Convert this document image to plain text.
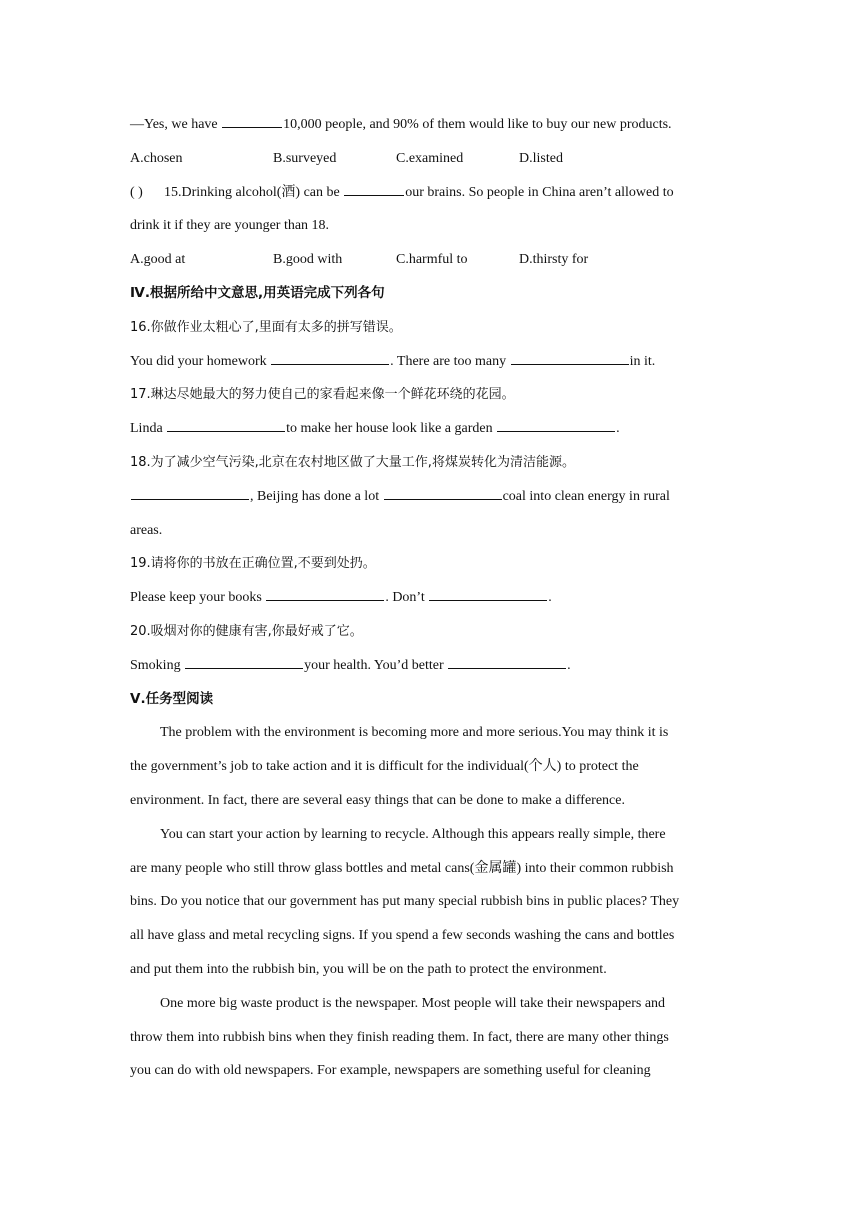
—Yes, we have	10,000 people, and 90% of them would like to buy our new products.
A.chosen	B.surveyed	C.examined	D.listed
( ) 15.Drinking alcohol(酒) can be	our brains. So people in China aren’t allowed to
drink it if they are younger than 18.
A.good at	B.good with	C.harmful to	D.thirsty for
Ⅳ.根据所给中文意思,用英语完成下列各句
16.你做作业太粗心了,里面有太多的拼写错误。
You did your homework	. There are too many	in it.
17.琳达尽她最大的努力使自己的家看起来像一个鲜花环绕的花园。
Linda	to make her house look like a garden	.
18.为了减少空气污染,北京在农村地区做了大量工作,将煤炭转化为清洁能源。
, Beijing has done a lot	coal into clean energy in rural
areas.
19.请将你的书放在正确位置,不要到处扔。
Please keep your books	. Don’t	.
20.吸烟对你的健康有害,你最好戒了它。
Smoking	your health. You’d better	.
Ⅴ.任务型阅读
The problem with the environment is becoming more and more serious.You may think it is
the government’s job to take action and it is difficult for the individual(个人) to protect the
environment. In fact, there are several easy things that can be done to make a difference.
You can start your action by learning to recycle. Although this appears really simple, there
are many people who still throw glass bottles and metal cans(金属罐) into their common rubbish
bins. Do you notice that our government has put many special rubbish bins in public places? They
all have glass and metal recycling signs. If you spend a few seconds washing the cans and bottles
and put them into the rubbish bin, you will be on the path to protect the environment.
One more big waste product is the newspaper. Most people will take their newspapers and
throw them into rubbish bins when they finish reading them. In fact, there are many other things
you can do with old newspapers. For example, newspapers are something useful for cleaning
